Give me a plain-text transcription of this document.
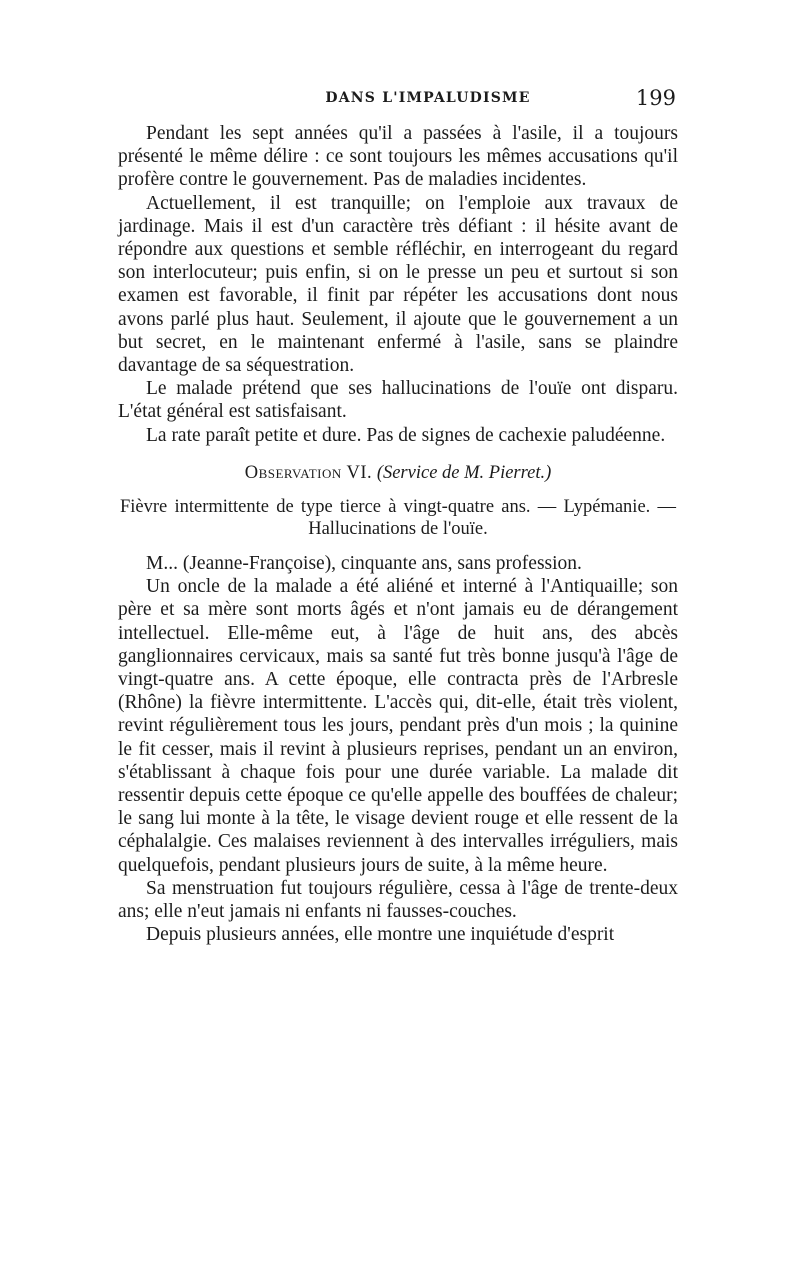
DANS L'IMPALUDISME	199

Pendant les sept années qu'il a passées à l'asile, il a toujours présenté le même délire : ce sont toujours les mêmes accusations qu'il profère contre le gouvernement. Pas de maladies incidentes.

Actuellement, il est tranquille; on l'emploie aux travaux de jardinage. Mais il est d'un caractère très défiant : il hésite avant de répondre aux questions et semble réfléchir, en interrogeant du regard son interlocuteur; puis enfin, si on le presse un peu et surtout si son examen est favorable, il finit par répéter les accusations dont nous avons parlé plus haut. Seulement, il ajoute que le gouvernement a un but secret, en le maintenant enfermé à l'asile, sans se plaindre davantage de sa séquestration.

Le malade prétend que ses hallucinations de l'ouïe ont disparu. L'état général est satisfaisant.

La rate paraît petite et dure. Pas de signes de cachexie paludéenne.

Observation VI. (Service de M. Pierret.)
Fièvre intermittente de type tierce à vingt-quatre ans. — Lypémanie. — Hallucinations de l'ouïe.

M... (Jeanne-Françoise), cinquante ans, sans profession.

Un oncle de la malade a été aliéné et interné à l'Antiquaille; son père et sa mère sont morts âgés et n'ont jamais eu de dérangement intellectuel. Elle-même eut, à l'âge de huit ans, des abcès ganglionnaires cervicaux, mais sa santé fut très bonne jusqu'à l'âge de vingt-quatre ans. A cette époque, elle contracta près de l'Arbresle (Rhône) la fièvre intermittente. L'accès qui, dit-elle, était très violent, revint régulièrement tous les jours, pendant près d'un mois ; la quinine le fit cesser, mais il revint à plusieurs reprises, pendant un an environ, s'établissant à chaque fois pour une durée variable. La malade dit ressentir depuis cette époque ce qu'elle appelle des bouffées de chaleur; le sang lui monte à la tête, le visage devient rouge et elle ressent de la céphalalgie. Ces malaises reviennent à des intervalles irréguliers, mais quelquefois, pendant plusieurs jours de suite, à la même heure.

Sa menstruation fut toujours régulière, cessa à l'âge de trente-deux ans; elle n'eut jamais ni enfants ni fausses-couches.

Depuis plusieurs années, elle montre une inquiétude d'esprit
